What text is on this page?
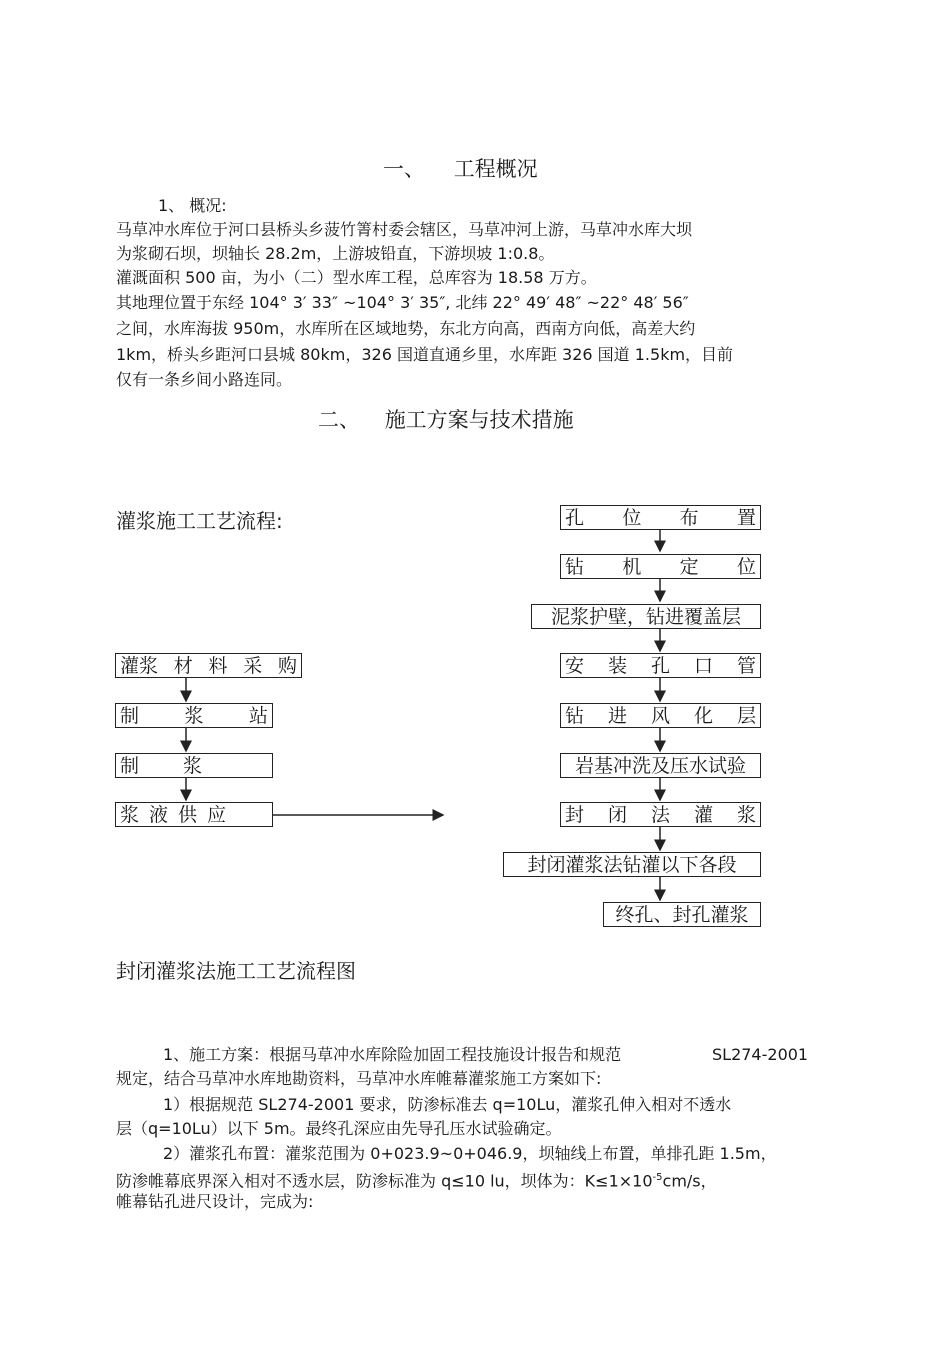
一、 工程概况
1、 概况:
马草冲水库位于河口县桥头乡菠竹箐村委会辖区，马草冲河上游，马草冲水库大坝
为浆砌石坝，坝轴长 28.2m，上游坡铅直，下游坝坡 1:0.8。
灌溉面积 500 亩，为小（二）型水库工程，总库容为 18.58 万方。
其地理位置于东经 104° 3′ 33″ ~104° 3′ 35″, 北纬 22° 49′ 48″ ~22° 48′ 56″
之间，水库海拔 950m，水库所在区域地势，东北方向高，西南方向低，高差大约
1km，桥头乡距河口县城 80km，326 国道直通乡里，水库距 326 国道 1.5km，目前
仅有一条乡间小路连同。
二、 施工方案与技术措施
灌浆施工工艺流程:	孔 位 布 置
钻 机 定 位
泥浆护壁，钻进覆盖层
安 装 孔 口 管
钻 进 风 化 层
岩基冲洗及压水试验
封 闭 法 灌 浆
封闭灌浆法钻灌以下各段
终孔、封孔灌浆
灌浆 材 料 采 购
制 浆 站
制 浆
浆 液 供 应
封闭灌浆法施工工艺流程图
1、施工方案：根据马草冲水库除险加固工程技施设计报告和规范	SL274-2001
规定，结合马草冲水库地勘资料，马草冲水库帷幕灌浆施工方案如下:
1）根据规范 SL274-2001 要求，防渗标准去 q=10Lu，灌浆孔伸入相对不透水
层（q=10Lu）以下 5m。最终孔深应由先导孔压水试验确定。
2）灌浆孔布置：灌浆范围为 0+023.9~0+046.9，坝轴线上布置，单排孔距 1.5m，
防渗帷幕底界深入相对不透水层，防渗标准为 q≤10 lu，坝体为：$K\le 1\times 10^{-5}cm/s$，
帷幕钻孔进尺设计，完成为:
